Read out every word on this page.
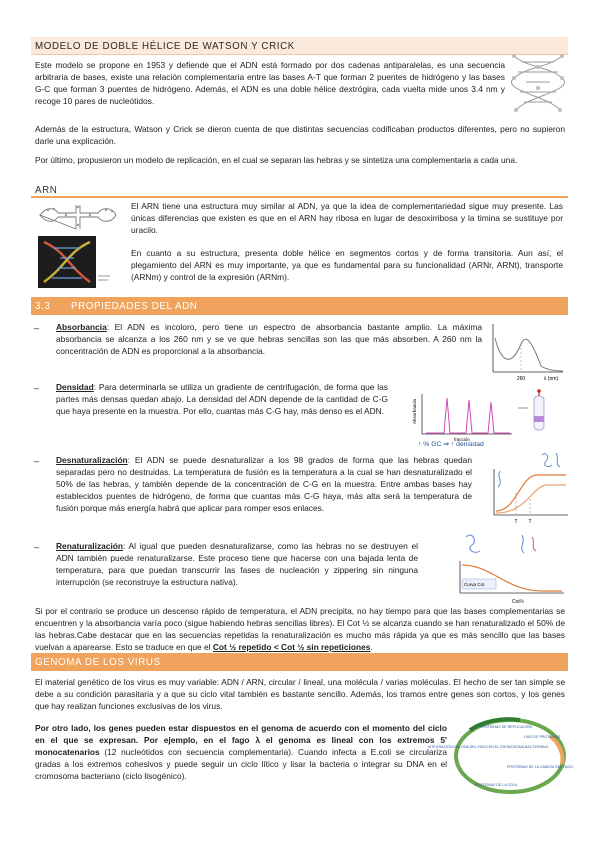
MODELO DE DOBLE HÉLICE DE WATSON Y CRICK

Este modelo se propone en 1953 y defiende que el ADN está formado por dos cadenas antiparalelas, es una secuencia arbitraria de bases, existe una relación complementaria entre las bases A-T que forman 2 puentes de hidrógeno y las bases G-C que forman 3 puentes de hidrógeno. Además, el ADN es una doble hélice dextrógira, cada vuelta mide unos 3.4 nm y recoge 10 pares de nucleótidos.

Además de la estructura, Watson y Crick se dieron cuenta de que distintas secuencias codificaban productos diferentes, pero no supieron darle una explicación.

Por último, propusieron un modelo de replicación, en el cual se separan las hebras y se sintetiza una complementaria a cada una.

ARN

El ARN tiene una estructura muy similar al ADN, ya que la idea de complementariedad sigue muy presente. Las únicas diferencias que existen es que en el ARN hay ribosa en lugar de desoxirribosa y la timina se sustituye por uracilo.

En cuanto a su estructura, presenta doble hélice en segmentos cortos y de forma transitoria. Aun así, el plegamiento del ARN es muy importante, ya que es fundamental para su funcionalidad (ARNr, ARNt), transporte (ARNm) y control de la expresión (ARNm).

3.3 PROPIEDADES DEL ADN
– Absorbancia: El ADN es incoloro, pero tiene un espectro de absorbancia bastante amplio. La máxima absorbancia se alcanza a los 260 nm y se ve que hebras sencillas son las que más absorben. A 260 nm la concentración de ADN es proporcional a la absorbancia.

260	λ (nm)
– Densidad: Para determinarla se utiliza un gradiente de centrifugación, de forma que las partes más densas quedan abajo. La densidad del ADN depende de la cantidad de C-G que haya presente en la muestra. Por ello, cuantas más C-G hay, más denso es el ADN.	Absorbancia
fracción
↑ % GC ⇒ ↑ densidad
– Desnaturalización: El ADN se puede desnaturalizar a los 98 grados de forma que las hebras quedan separadas pero no destruidas. La temperatura de fusión es la temperatura a la cual se han desnaturalizado el 50% de las hebras, y también depende de la concentración de C-G en la muestra. Entre ambas bases hay establecidos puentes de hidrógeno, de forma que cuantas más C-G haya, más alta será la temperatura de fusión porque más energía habrá que aplicar para romper esos enlaces.

T T
– Renaturalización: Al igual que pueden desnaturalizarse, como las hebras no se destruyen el ADN también puede renaturalizarse. Este proceso tiene que hacerse con una bajada lenta de temperatura, para que puedan transcurrir las fases de nucleación y zippering sin ninguna interrupción (se reconstruye la estructura nativa).	Curva Cot
Cot½

Si por el contrario se produce un descenso rápido de temperatura, el ADN precipita, no hay tiempo para que las bases complementarias se encuentren y la absorbancia varía poco (sigue habiendo hebras sencillas libres). El Cot ½ se alcanza cuando se han renaturalizado el 50% de las hebras.Cabe destacar que en las secuencias repetidas la renaturalización es mucho más rápida ya que es más sencillo que las bases vuelvan a aparearse. Esto se traduce en que el Cot ½ repetido < Cot ½ sin repeticiones.

GENOMA DE LOS VIRUS

El material genético de los virus es muy variable: ADN / ARN, circular / lineal, una molécula / varias moléculas. El hecho de ser tan simple se debe a su condición parasitaria y a que su ciclo vital también es bastante sencillo. Además, los tramos entre genes son cortos, y los genes que hay realizan funciones exclusivas de los virus.

Por otro lado, los genes pueden estar dispuestos en el genoma de acuerdo con el momento del ciclo en el que se expresan. Por ejemplo, en el fago λ el genoma es lineal con los extremos 5' monocatenarios (12 nucleótidos con secuencia complementaria). Cuando infecta a E.coli se circulariza gradas a los extremos cohesivos y puede seguir un ciclo lítico y lisar la bacteria o integrar su DNA en el cromosoma bacteriano (ciclo lisogénico).

PROTEÍNAS DE REPLICACIÓN
LISIS DE PROTEÍNAS
INTEGRACIÓN DEL DNA DEL FAGO EN EL CROMOSOMA BACTERIANO
PROTEÍNAS DE LA CABEZA DEL FAGO
PROTEÍNAS DE LA COLA
